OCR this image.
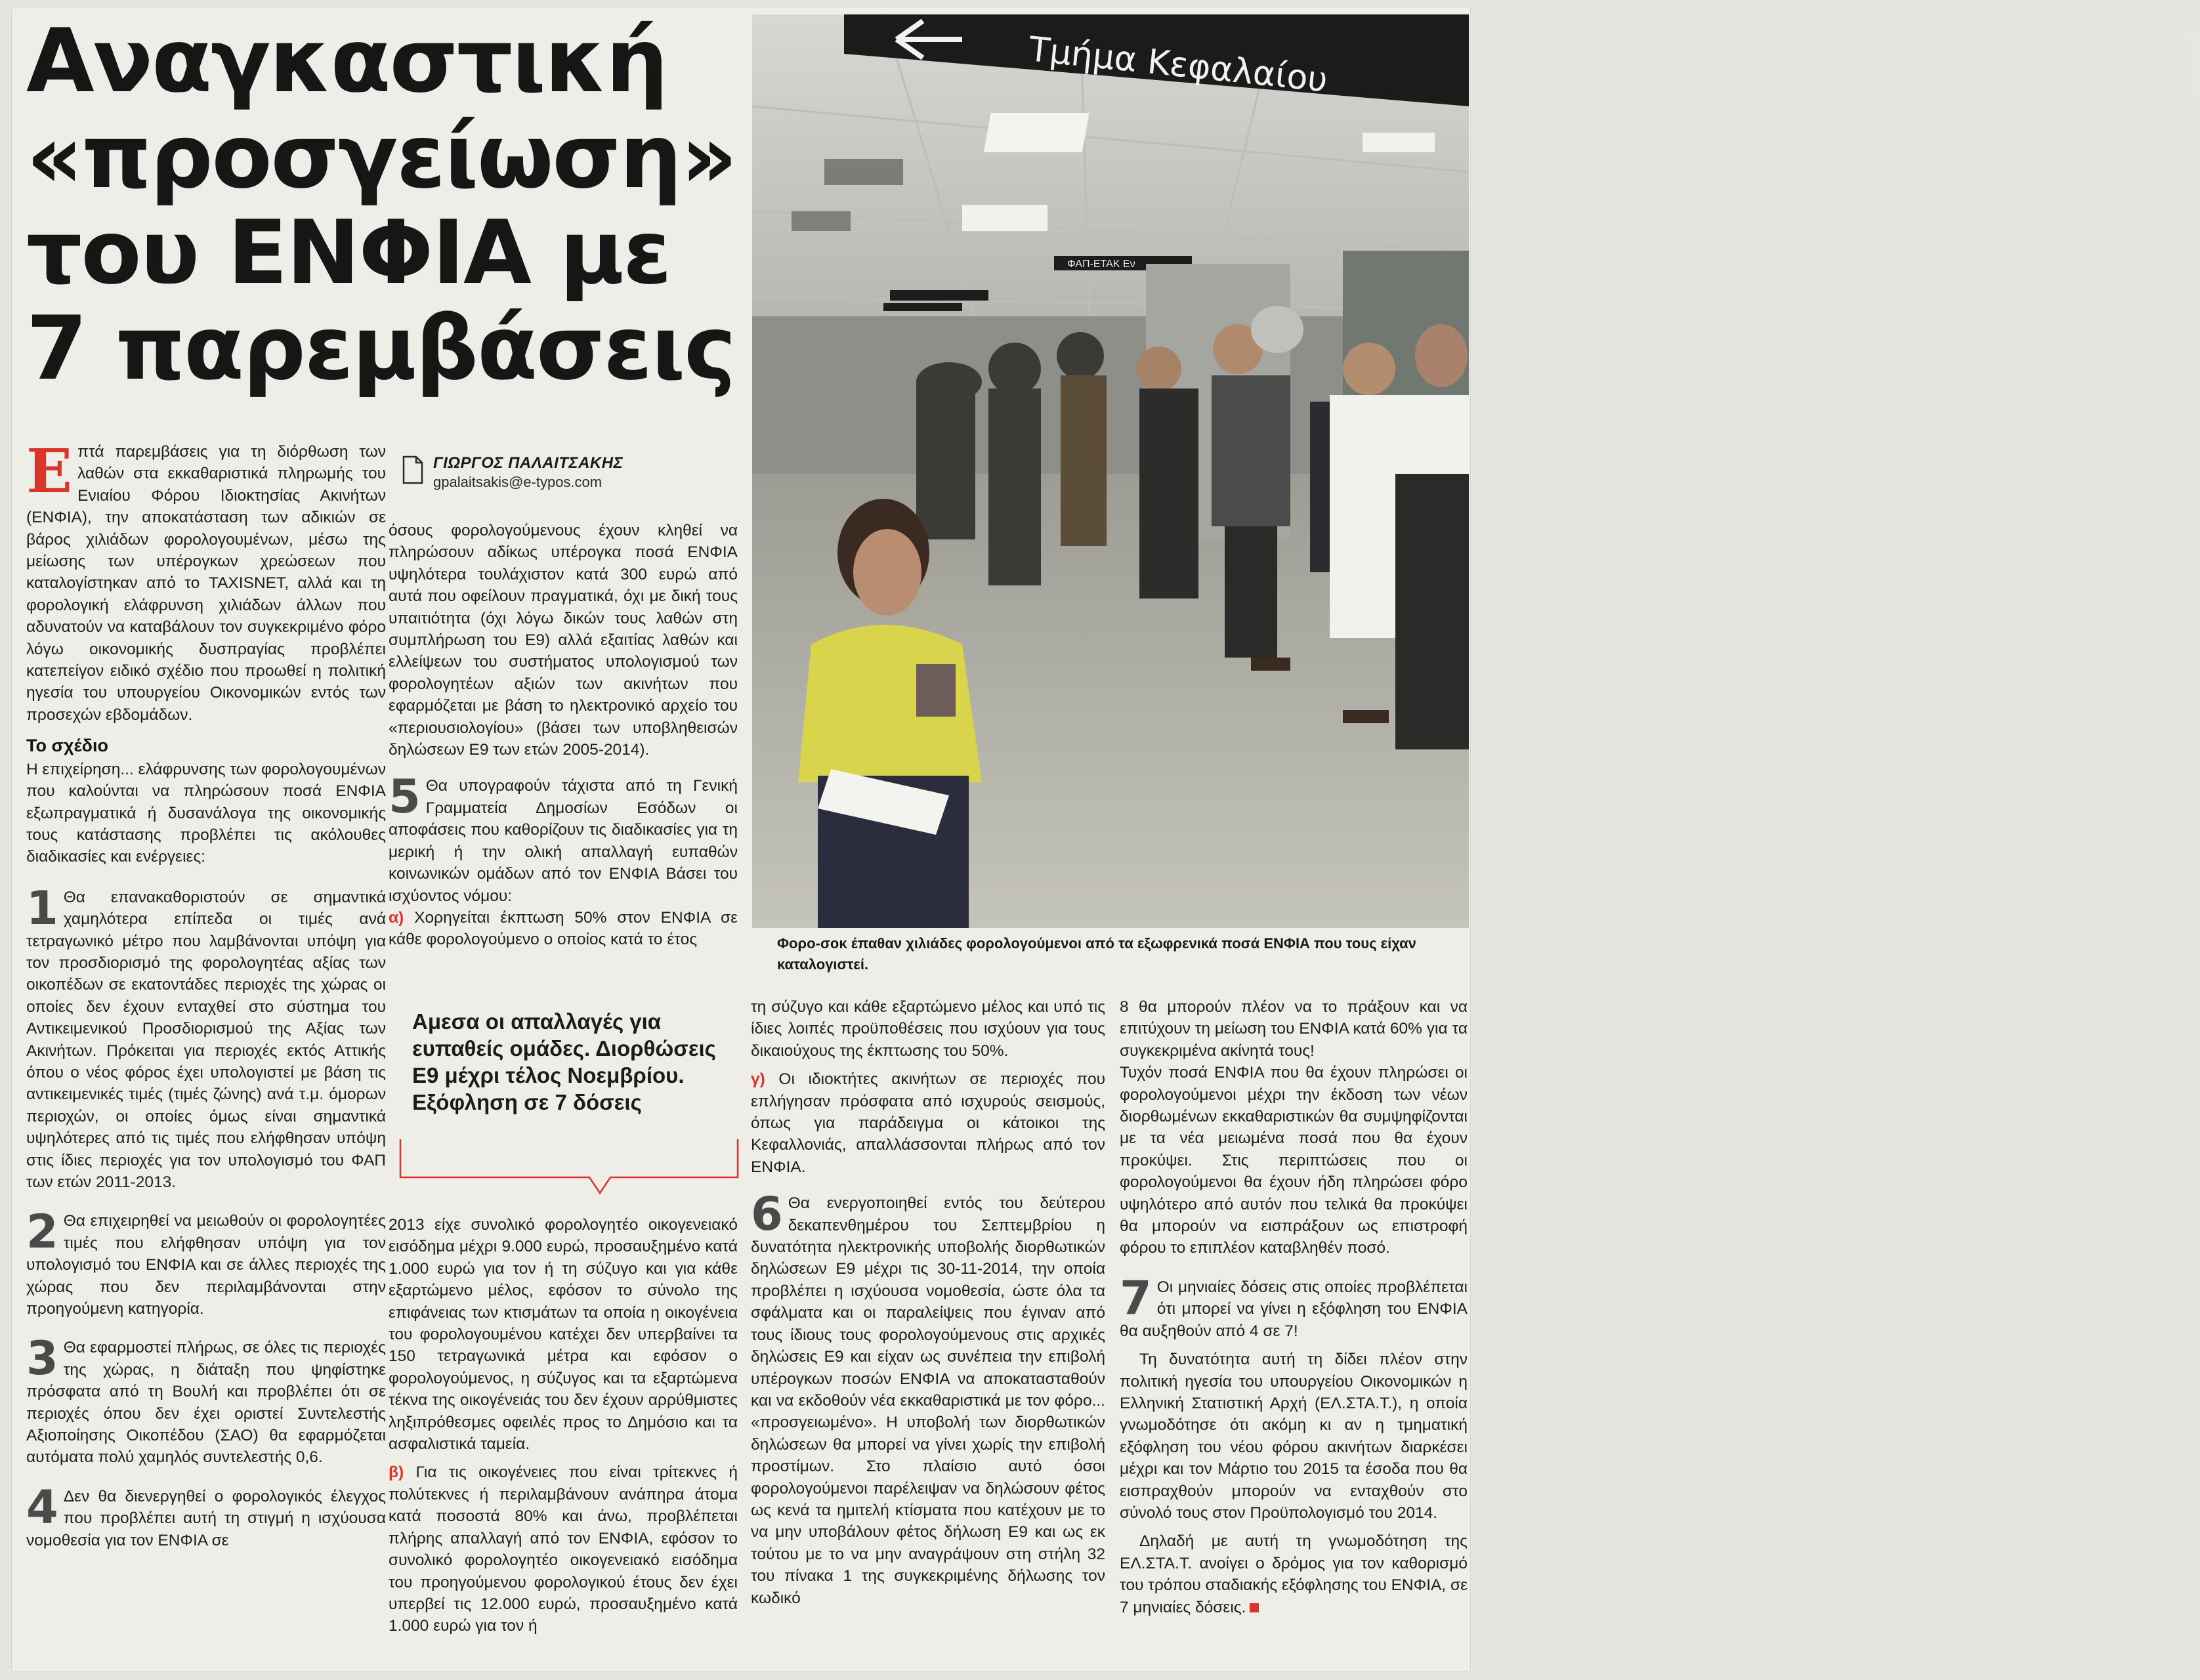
Αναγκαστική
«προσγείωση»
του ΕΝΦΙΑ με
7 παρεμβάσεις
ΓΙΩΡΓΟΣ ΠΑΛΑΙΤΣΑΚΗΣ
gpalaitsakis@e-typos.com

Επτά παρεμβάσεις για τη διόρθωση των λαθών στα εκκαθαριστικά πληρωμής του Ενιαίου Φόρου Ιδιοκτησίας Ακινήτων (ΕΝΦΙΑ), την αποκατάσταση των αδικιών σε βάρος χιλιάδων φορολογουμένων, μέσω της μείωσης των υπέρογκων χρεώσεων που καταλογίστηκαν από το TAXISNET, αλλά και τη φορολογική ελάφρυνση χιλιάδων άλλων που αδυνατούν να καταβάλουν τον συγκεκριμένο φόρο λόγω οικονομικής δυσπραγίας προβλέπει κατεπείγον ειδικό σχέδιο που προωθεί η πολιτική ηγεσία του υπουργείου Οικονομικών εντός των προσεχών εβδομάδων.

Το σχέδιο

Η επιχείρηση... ελάφρυνσης των φορολογουμένων που καλούνται να πληρώσουν ποσά ΕΝΦΙΑ εξωπραγματικά ή δυσανάλογα της οικονομικής τους κατάστασης προβλέπει τις ακόλουθες διαδικασίες και ενέργειες:

1 Θα επανακαθοριστούν σε σημαντικά χαμηλότερα επίπεδα οι τιμές ανά τετραγωνικό μέτρο που λαμβάνονται υπόψη για τον προσδιορισμό της φορολογητέας αξίας των οικοπέδων σε εκατοντάδες περιοχές της χώρας οι οποίες δεν έχουν ενταχθεί στο σύστημα του Αντικειμενικού Προσδιορισμού της Αξίας των Ακινήτων. Πρόκειται για περιοχές εκτός Αττικής όπου ο νέος φόρος έχει υπολογιστεί με βάση τις αντικειμενικές τιμές (τιμές ζώνης) ανά τ.μ. όμορων περιοχών, οι οποίες όμως είναι σημαντικά υψηλότερες από τις τιμές που ελήφθησαν υπόψη στις ίδιες περιοχές για τον υπολογισμό του ΦΑΠ των ετών 2011-2013.

2 Θα επιχειρηθεί να μειωθούν οι φορολογητέες τιμές που ελήφθησαν υπόψη για τον υπολογισμό του ΕΝΦΙΑ και σε άλλες περιοχές της χώρας που δεν περιλαμβάνονται στην προηγούμενη κατηγορία.

3 Θα εφαρμοστεί πλήρως, σε όλες τις περιοχές της χώρας, η διάταξη που ψηφίστηκε πρόσφατα από τη Βουλή και προβλέπει ότι σε περιοχές όπου δεν έχει οριστεί Συντελεστής Αξιοποίησης Οικοπέδου (ΣΑΟ) θα εφαρμόζεται αυτόματα πολύ χαμηλός συντελεστής 0,6.

4 Δεν θα διενεργηθεί ο φορολογικός έλεγχος που προβλέπει αυτή τη στιγμή η ισχύουσα νομοθεσία για τον ΕΝΦΙΑ σε

όσους φορολογούμενους έχουν κληθεί να πληρώσουν αδίκως υπέρογκα ποσά ΕΝΦΙΑ υψηλότερα τουλάχιστον κατά 300 ευρώ από αυτά που οφείλουν πραγματικά, όχι με δική τους υπαιτιότητα (όχι λόγω δικών τους λαθών στη συμπλήρωση του Ε9) αλλά εξαιτίας λαθών και ελλείψεων του συστήματος υπολογισμού των φορολογητέων αξιών των ακινήτων που εφαρμόζεται με βάση το ηλεκτρονικό αρχείο του «περιουσιολογίου» (βάσει των υποβληθεισών δηλώσεων Ε9 των ετών 2005-2014).

5 Θα υπογραφούν τάχιστα από τη Γενική Γραμματεία Δημοσίων Εσόδων οι αποφάσεις που καθορίζουν τις διαδικασίες για τη μερική ή την ολική απαλλαγή ευπαθών κοινωνικών ομάδων από τον ΕΝΦΙΑ Βάσει του ισχύοντος νόμου:
α) Χορηγείται έκπτωση 50% στον ΕΝΦΙΑ σε κάθε φορολογούμενο ο οποίος κατά το έτος

Αμεσα οι απαλλαγές για ευπαθείς ομάδες. Διορθώσεις Ε9 μέχρι τέλος Νοεμβρίου. Εξόφληση σε 7 δόσεις

2013 είχε συνολικό φορολογητέο οικογενειακό εισόδημα μέχρι 9.000 ευρώ, προσαυξημένο κατά 1.000 ευρώ για τον ή τη σύζυγο και για κάθε εξαρτώμενο μέλος, εφόσον το σύνολο της επιφάνειας των κτισμάτων τα οποία η οικογένεια του φορολογουμένου κατέχει δεν υπερβαίνει τα 150 τετραγωνικά μέτρα και εφόσον ο φορολογούμενος, η σύζυγος και τα εξαρτώμενα τέκνα της οικογένειάς του δεν έχουν αρρύθμιστες ληξιπρόθεσμες οφειλές προς το Δημόσιο και τα ασφαλιστικά ταμεία.

β) Για τις οικογένειες που είναι τρίτεκνες ή πολύτεκνες ή περιλαμβάνουν ανάπηρα άτομα κατά ποσοστά 80% και άνω, προβλέπεται πλήρης απαλλαγή από τον ΕΝΦΙΑ, εφόσον το συνολικό φορολογητέο οικογενειακό εισόδημα του προηγούμενου φορολογικού έτους δεν έχει υπερβεί τις 12.000 ευρώ, προσαυξημένο κατά 1.000 ευρώ για τον ή

Τμήμα Κεφαλαίου
ΦΑΠ-ΕΤΑΚ Εν
ICONPRESS
Φορο-σοκ έπαθαν χιλιάδες φορολογούμενοι από τα εξωφρενικά ποσά ΕΝΦΙΑ που τους είχαν καταλογιστεί.

τη σύζυγο και κάθε εξαρτώμενο μέλος και υπό τις ίδιες λοιπές προϋποθέσεις που ισχύουν για τους δικαιούχους της έκπτωσης του 50%.

γ) Οι ιδιοκτήτες ακινήτων σε περιοχές που επλήγησαν πρόσφατα από ισχυρούς σεισμούς, όπως για παράδειγμα οι κάτοικοι της Κεφαλλονιάς, απαλλάσσονται πλήρως από τον ΕΝΦΙΑ.

6 Θα ενεργοποιηθεί εντός του δεύτερου δεκαπενθημέρου του Σεπτεμβρίου η δυνατότητα ηλεκτρονικής υποβολής διορθωτικών δηλώσεων Ε9 μέχρι τις 30-11-2014, την οποία προβλέπει η ισχύουσα νομοθεσία, ώστε όλα τα σφάλματα και οι παραλείψεις που έγιναν από τους ίδιους τους φορολογούμενους στις αρχικές δηλώσεις Ε9 και είχαν ως συνέπεια την επιβολή υπέρογκων ποσών ΕΝΦΙΑ να αποκατασταθούν και να εκδοθούν νέα εκκαθαριστικά με τον φόρο... «προσγειωμένο». Η υποβολή των διορθωτικών δηλώσεων θα μπορεί να γίνει χωρίς την επιβολή προστίμων. Στο πλαίσιο αυτό όσοι φορολογούμενοι παρέλειψαν να δηλώσουν φέτος ως κενά τα ημιτελή κτίσματα που κατέχουν με το να μην υποβάλουν φέτος δήλωση Ε9 και ως εκ τούτου με το να μην αναγράψουν στη στήλη 32 του πίνακα 1 της συγκεκριμένης δήλωσης τον κωδικό

8 θα μπορούν πλέον να το πράξουν και να επιτύχουν τη μείωση του ΕΝΦΙΑ κατά 60% για τα συγκεκριμένα ακίνητά τους!

Τυχόν ποσά ΕΝΦΙΑ που θα έχουν πληρώσει οι φορολογούμενοι μέχρι την έκδοση των νέων διορθωμένων εκκαθαριστικών θα συμψηφίζονται με τα νέα μειωμένα ποσά που θα έχουν προκύψει. Στις περιπτώσεις που οι φορολογούμενοι θα έχουν ήδη πληρώσει φόρο υψηλότερο από αυτόν που τελικά θα προκύψει θα μπορούν να εισπράξουν ως επιστροφή φόρου το επιπλέον καταβληθέν ποσό.

7 Οι μηνιαίες δόσεις στις οποίες προβλέπεται ότι μπορεί να γίνει η εξόφληση του ΕΝΦΙΑ θα αυξηθούν από 4 σε 7!

Τη δυνατότητα αυτή τη δίδει πλέον στην πολιτική ηγεσία του υπουργείου Οικονομικών η Ελληνική Στατιστική Αρχή (ΕΛ.ΣΤΑ.Τ.), η οποία γνωμοδότησε ότι ακόμη κι αν η τμηματική εξόφληση του νέου φόρου ακινήτων διαρκέσει μέχρι και τον Μάρτιο του 2015 τα έσοδα που θα εισπραχθούν μπορούν να ενταχθούν στο σύνολό τους στον Προϋπολογισμό του 2014.

Δηλαδή με αυτή τη γνωμοδότηση της ΕΛ.ΣΤΑ.Τ. ανοίγει ο δρόμος για τον καθορισμό του τρόπου σταδιακής εξόφλησης του ΕΝΦΙΑ, σε 7 μηνιαίες δόσεις.
